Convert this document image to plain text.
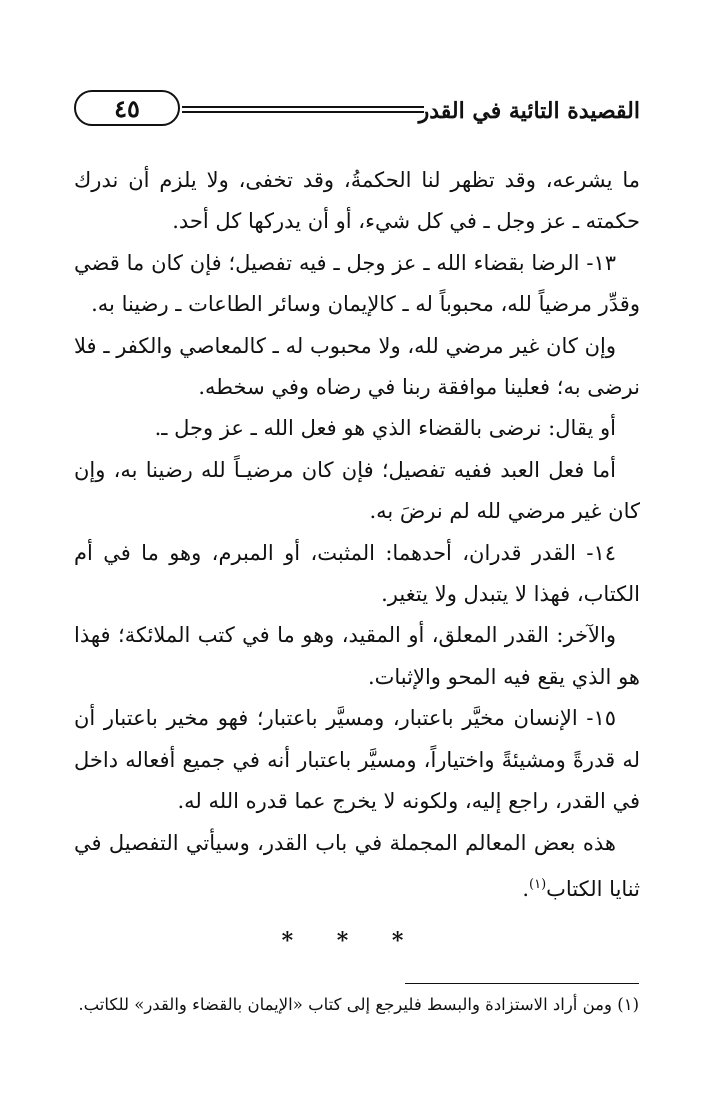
القصيدة التائية في القدر
٤٥

ما يشرعه، وقد تظهر لنا الحكمةُ، وقد تخفى، ولا يلزم أن ندرك حكمته ـ عز وجل ـ في كل شيء، أو أن يدركها كل أحد.

١٣- الرضا بقضاء الله ـ عز وجل ـ فيه تفصيل؛ فإن كان ما قضي وقدِّر مرضياً لله، محبوباً له ـ كالإيمان وسائر الطاعات ـ رضينا به.

وإن كان غير مرضي لله، ولا محبوب له ـ كالمعاصي والكفر ـ فلا نرضى به؛ فعلينا موافقة ربنا في رضاه وفي سخطه.

أو يقال: نرضى بالقضاء الذي هو فعل الله ـ عز وجل ـ.

أما فعل العبد ففيه تفصيل؛ فإن كان مرضيـاً لله رضينا به، وإن كان غير مرضي لله لم نرضَ به.

١٤- القدر قدران، أحدهما: المثبت، أو المبرم، وهو ما في أم الكتاب، فهذا لا يتبدل ولا يتغير.

والآخر: القدر المعلق، أو المقيد، وهو ما في كتب الملائكة؛ فهذا هو الذي يقع فيه المحو والإثبات.

١٥- الإنسان مخيَّر باعتبار، ومسيَّر باعتبار؛ فهو مخير باعتبار أن له قدرةً ومشيئةً واختياراً، ومسيَّر باعتبار أنه في جميع أفعاله داخل في القدر، راجع إليه، ولكونه لا يخرج عما قدره الله له.

هذه بعض المعالم المجملة في باب القدر، وسيأتي التفصيل في ثنايا الكتاب$^{(١)}$.

* * *
(١) ومن أراد الاستزادة والبسط فليرجع إلى كتاب «الإيمان بالقضاء والقدر» للكاتب.
